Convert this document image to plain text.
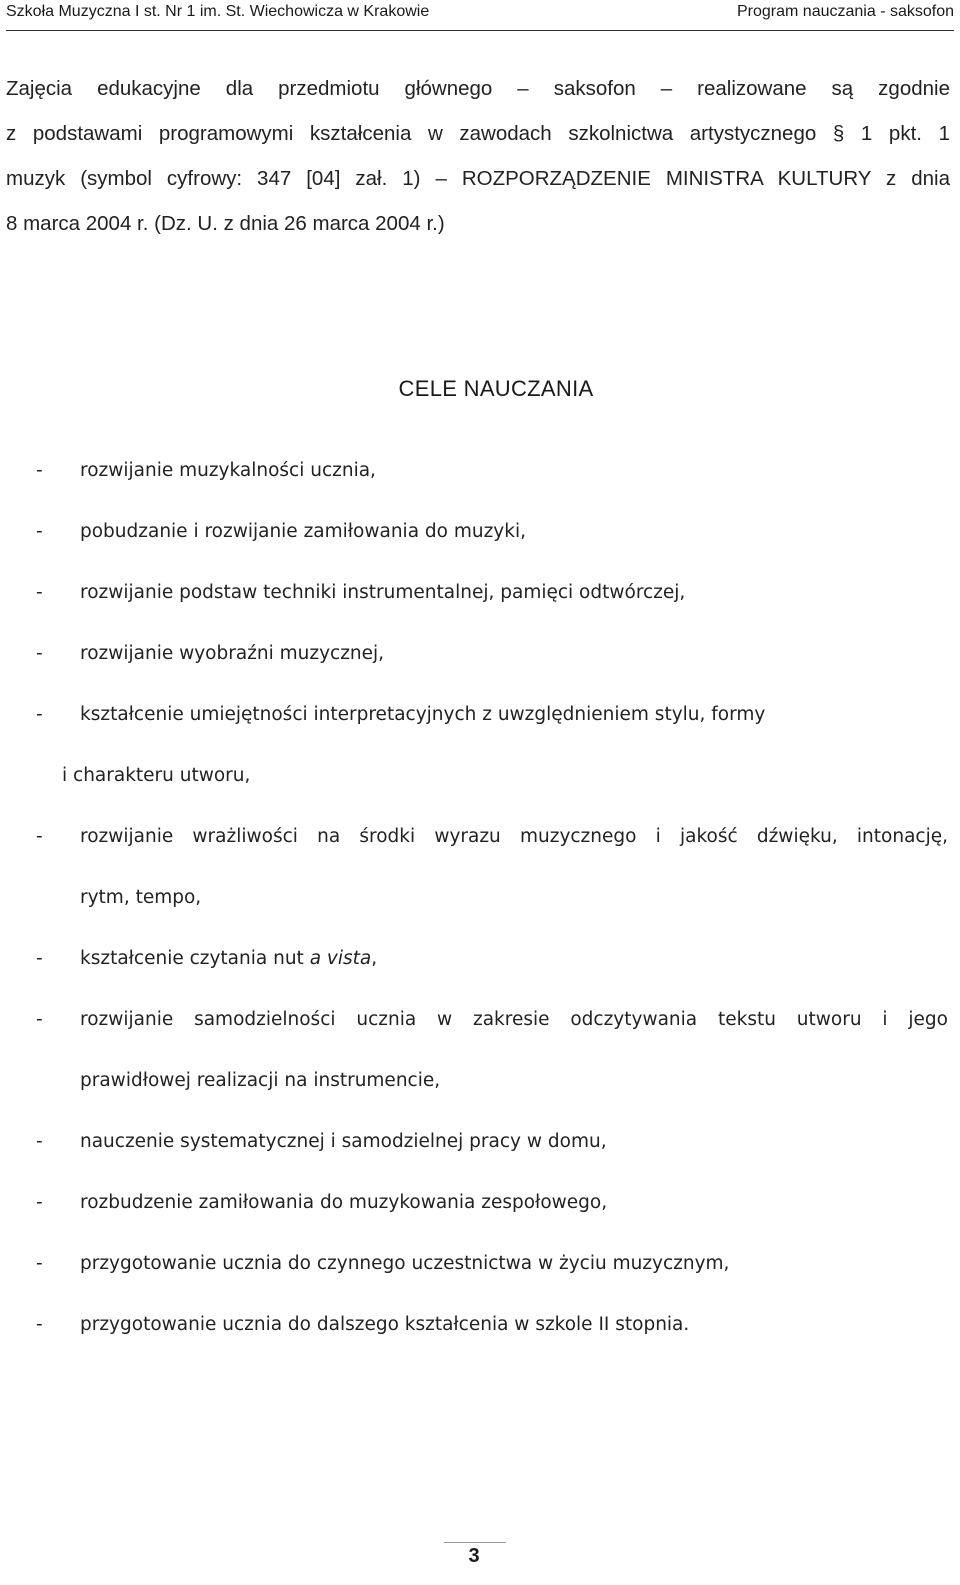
Szkoła Muzyczna I st. Nr 1 im. St. Wiechowicza w Krakowie	Program nauczania - saksofon
Zajęcia edukacyjne dla przedmiotu głównego – saksofon – realizowane są zgodnie
z podstawami programowymi kształcenia w zawodach szkolnictwa artystycznego § 1 pkt. 1
muzyk (symbol cyfrowy: 347 [04] zał. 1) – ROZPORZĄDZENIE MINISTRA KULTURY z dnia
8 marca 2004 r. (Dz. U. z dnia 26 marca 2004 r.)
CELE NAUCZANIA
- rozwijanie muzykalności ucznia,
- pobudzanie i rozwijanie zamiłowania do muzyki,
- rozwijanie podstaw techniki instrumentalnej, pamięci odtwórczej,
- rozwijanie wyobraźni muzycznej,
- kształcenie umiejętności interpretacyjnych z uwzględnieniem stylu, formy
i charakteru utworu,
- rozwijanie wrażliwości na środki wyrazu muzycznego i jakość dźwięku, intonację,
rytm, tempo,
- kształcenie czytania nut a vista,
- rozwijanie samodzielności ucznia w zakresie odczytywania tekstu utworu i jego
prawidłowej realizacji na instrumencie,
- nauczenie systematycznej i samodzielnej pracy w domu,
- rozbudzenie zamiłowania do muzykowania zespołowego,
- przygotowanie ucznia do czynnego uczestnictwa w życiu muzycznym,
- przygotowanie ucznia do dalszego kształcenia w szkole II stopnia.
3
